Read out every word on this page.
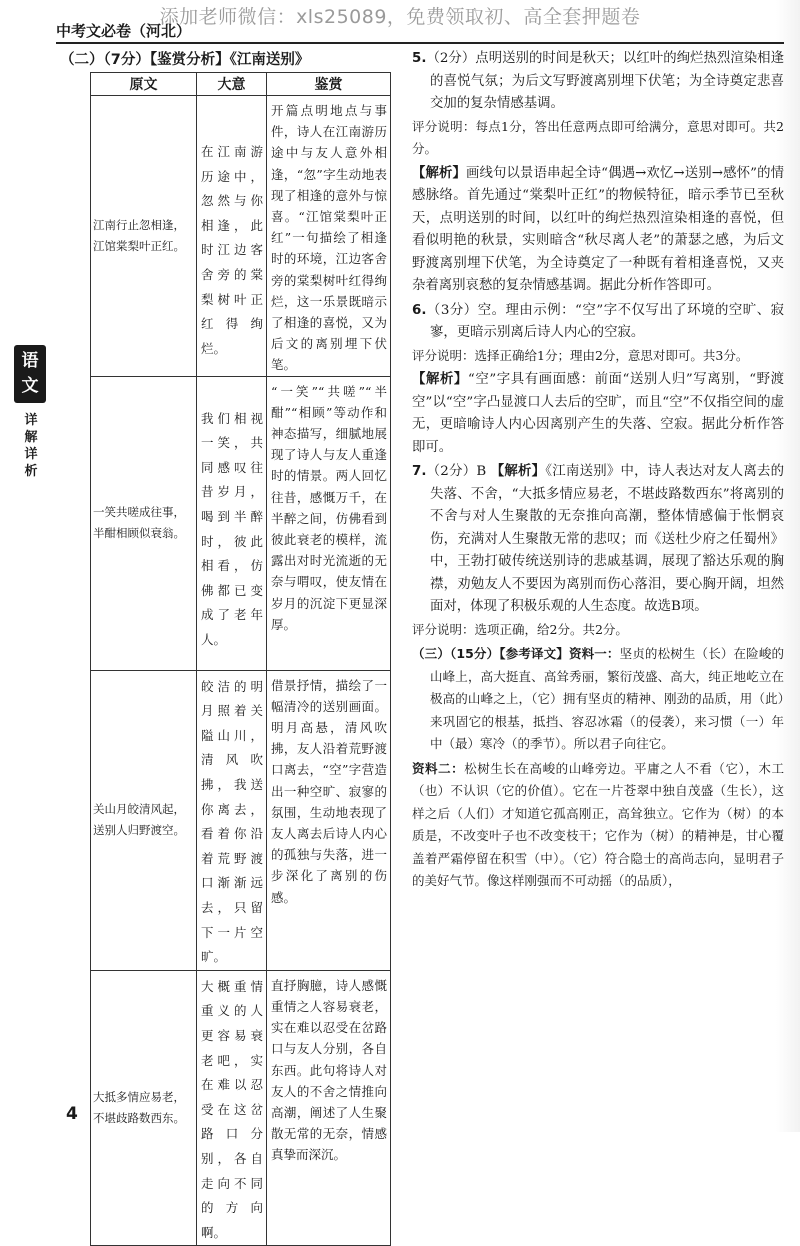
添加老师微信：xls25089，免费领取初、高全套押题卷
中考文必卷（河北）
语文
详解详析
（二）（7分）【鉴赏分析】《江南送别》
原文	大意	鉴赏
江南行止忽相逢，江馆棠梨叶正红。	在江南游历途中，忽然与你相逢，此时江边客舍旁的棠梨树叶正红得绚烂。	开篇点明地点与事件，诗人在江南游历途中与友人意外相逢，“忽”字生动地表现了相逢的意外与惊喜。“江馆棠梨叶正红”一句描绘了相逢时的环境，江边客舍旁的棠梨树叶红得绚烂，这一乐景既暗示了相逢的喜悦，又为后文的离别埋下伏笔。
一笑共嗟成往事，半酣相顾似衰翁。	我们相视一笑，共同感叹往昔岁月，喝到半醉时，彼此相看，仿佛都已变成了老年人。	“一笑”“共嗟”“半酣”“相顾”等动作和神态描写，细腻地展现了诗人与友人重逢时的情景。两人回忆往昔，感慨万千，在半醉之间，仿佛看到彼此衰老的模样，流露出对时光流逝的无奈与喟叹，使友情在岁月的沉淀下更显深厚。
关山月皎清风起，送别人归野渡空。	皎洁的明月照着关隘山川，清风吹拂，我送你离去，看着你沿着荒野渡口渐渐远去，只留下一片空旷。	借景抒情，描绘了一幅清冷的送别画面。明月高悬，清风吹拂，友人沿着荒野渡口离去，“空”字营造出一种空旷、寂寥的氛围，生动地表现了友人离去后诗人内心的孤独与失落，进一步深化了离别的伤感。
大抵多情应易老，不堪歧路数西东。	大概重情重义的人更容易衰老吧，实在难以忍受在这岔路口分别，各自走向不同的方向啊。	直抒胸臆，诗人感慨重情之人容易衰老，实在难以忍受在岔路口与友人分别，各自东西。此句将诗人对友人的不舍之情推向高潮，阐述了人生聚散无常的无奈，情感真挚而深沉。

5.（2分）点明送别的时间是秋天；以红叶的绚烂热烈渲染相逢的喜悦气氛；为后文写野渡离别埋下伏笔；为全诗奠定悲喜交加的复杂情感基调。

评分说明：每点1分，答出任意两点即可给满分，意思对即可。共2分。

【解析】画线句以景语串起全诗“偶遇→欢忆→送别→感怀”的情感脉络。首先通过“棠梨叶正红”的物候特征，暗示季节已至秋天，点明送别的时间，以红叶的绚烂热烈渲染相逢的喜悦，但看似明艳的秋景，实则暗含“秋尽离人老”的萧瑟之感，为后文野渡离别埋下伏笔，为全诗奠定了一种既有着相逢喜悦，又夹杂着离别哀愁的复杂情感基调。据此分析作答即可。

6.（3分）空。理由示例：“空”字不仅写出了环境的空旷、寂寥，更暗示别离后诗人内心的空寂。

评分说明：选择正确给1分；理由2分，意思对即可。共3分。

【解析】“空”字具有画面感：前面“送别人归”写离别，“野渡空”以“空”字凸显渡口人去后的空旷，而且“空”不仅指空间的虚无，更暗喻诗人内心因离别产生的失落、空寂。据此分析作答即可。

7.（2分）B 【解析】《江南送别》中，诗人表达对友人离去的失落、不舍，“大抵多情应易老，不堪歧路数西东”将离别的不舍与对人生聚散的无奈推向高潮，整体情感偏于怅惘哀伤，充满对人生聚散无常的悲叹；而《送杜少府之任蜀州》中，王勃打破传统送别诗的悲戚基调，展现了豁达乐观的胸襟，劝勉友人不要因为离别而伤心落泪，要心胸开阔，坦然面对，体现了积极乐观的人生态度。故选B项。

评分说明：选项正确，给2分。共2分。

（三）（15分）【参考译文】资料一：坚贞的松树生（长）在险峻的山峰上，高大挺直、高耸秀丽，繁衍茂盛、高大，纯正地屹立在极高的山峰之上，（它）拥有坚贞的精神、刚劲的品质，用（此）来巩固它的根基，抵挡、容忍冰霜（的侵袭），来习惯（一）年中（最）寒冷（的季节）。所以君子向往它。

资料二：松树生长在高峻的山峰旁边。平庸之人不看（它），木工（也）不认识（它的价值）。它在一片苍翠中独自茂盛（生长），这样之后（人们）才知道它孤高刚正，高耸独立。它作为（树）的本质是，不改变叶子也不改变枝干；它作为（树）的精神是，甘心覆盖着严霜停留在积雪（中）。（它）符合隐士的高尚志向，显明君子的美好气节。像这样刚强而不可动摇（的品质），

4
